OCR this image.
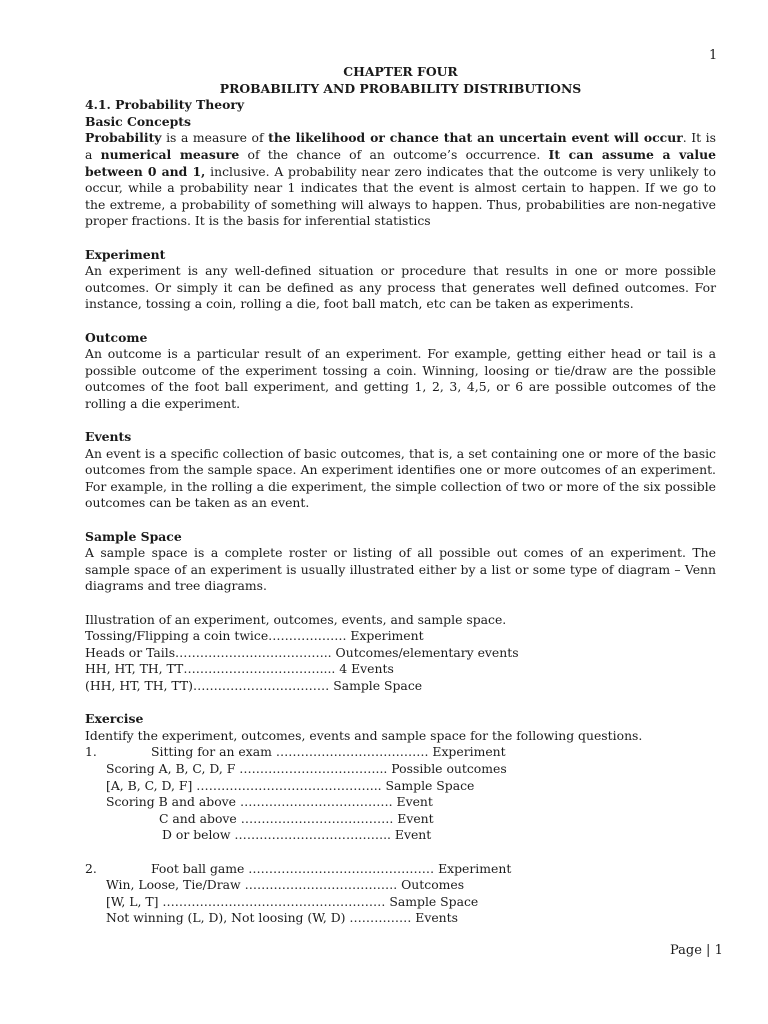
1
CHAPTER FOUR
PROBABILITY AND PROBABILITY DISTRIBUTIONS
4.1. Probability Theory
Basic Concepts
Probability is a measure of the likelihood or chance that an uncertain event will occur. It is a numerical measure of the chance of an outcome’s occurrence. It can assume a value between 0 and 1, inclusive. A probability near zero indicates that the outcome is very unlikely to occur, while a probability near 1 indicates that the event is almost certain to happen. If we go to the extreme, a probability of something will always to happen. Thus, probabilities are non-negative proper fractions. It is the basis for inferential statistics
Experiment
An experiment is any well-defined situation or procedure that results in one or more possible outcomes. Or simply it can be defined as any process that generates well defined outcomes. For instance, tossing a coin, rolling a die, foot ball match, etc can be taken as experiments.
Outcome
An outcome is a particular result of an experiment. For example, getting either head or tail is a possible outcome of the experiment tossing a coin. Winning, loosing or tie/draw are the possible outcomes of the foot ball experiment, and getting 1, 2, 3, 4,5, or 6 are possible outcomes of the rolling a die experiment.
Events
An event is a specific collection of basic outcomes, that is, a set containing one or more of the basic outcomes from the sample space. An experiment identifies one or more outcomes of an experiment. For example, in the rolling a die experiment, the simple collection of two or more of the six possible outcomes can be taken as an event.
Sample Space
A sample space is a complete roster or listing of all possible out comes of an experiment. The sample space of an experiment is usually illustrated either by a list or some type of diagram – Venn diagrams and tree diagrams.
Illustration of an experiment, outcomes, events, and sample space.
Tossing/Flipping a coin twice………………. Experiment
Heads or Tails……………………………….. Outcomes/elementary events
HH, HT, TH, TT…………………………….... 4 Events
(HH, HT, TH, TT)…………………………… Sample Space
Exercise
Identify the experiment, outcomes, events and sample space for the following questions.
1.	Sitting for an exam ………………………………. Experiment
Scoring A, B, C, D, F ……………………………... Possible outcomes
[A, B, C, D, F] ……………………………………... Sample Space
Scoring B and above ………………………………. Event
C and above ………………………………. Event
D or below ……………………………….. Event
2.	Foot ball game ……………………………………… Experiment
Win, Loose, Tie/Draw ………………………………. Outcomes
[W, L, T] ……………………………………………… Sample Space
Not winning (L, D), Not loosing (W, D) …………… Events
Page | 1
